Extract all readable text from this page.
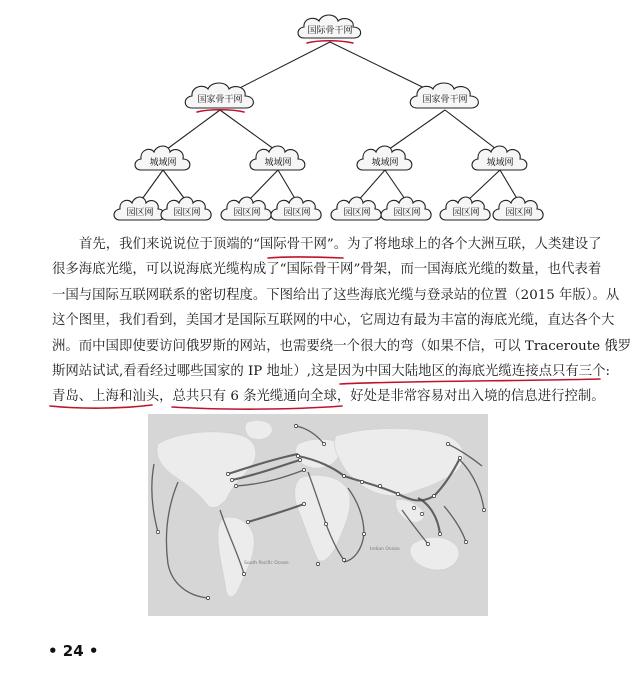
国际骨干网
国家骨干网	国家骨干网
城域网	城域网	城域网	城域网
园区网 园区网	园区网	园区网	园区网	园区网	园区网	园区网
首先，我们来说说位于顶端的“国际骨干网”。为了将地球上的各个大洲互联，人类建设了
很多海底光缆，可以说海底光缆构成了“国际骨干网”骨架，而一国海底光缆的数量，也代表着
一国与国际互联网联系的密切程度。下图给出了这些海底光缆与登录站的位置（2015 年版）。从
这个图里，我们看到，美国才是国际互联网的中心，它周边有最为丰富的海底光缆，直达各个大
洲。而中国即使要访问俄罗斯的网站，也需要绕一个很大的弯（如果不信，可以 Traceroute 俄罗
斯网站试试,看看经过哪些国家的 IP 地址）,这是因为中国大陆地区的海底光缆连接点只有三个:
青岛、上海和汕头，总共只有 6 条光缆通向全球，好处是非常容易对出入境的信息进行控制。
South Pacific Ocean
Indian Ocean
• 24 •
